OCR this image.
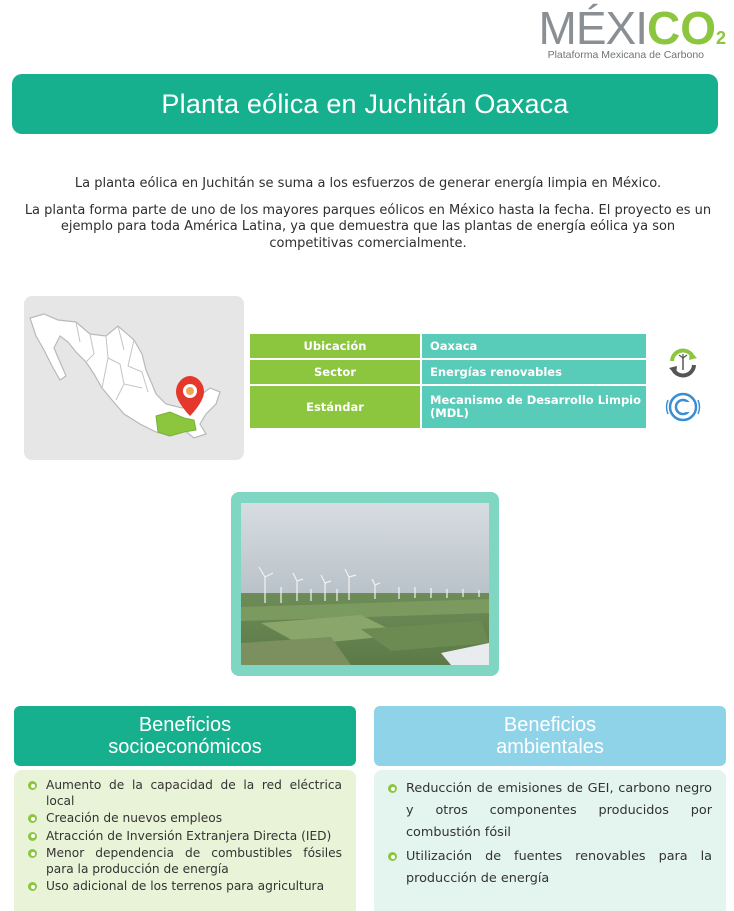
MÉXI CO 2
Plataforma Mexicana de Carbono
Planta eólica en Juchitán Oaxaca

La planta eólica en Juchitán se suma a los esfuerzos de generar energía limpia en México.

La planta forma parte de uno de los mayores parques eólicos en México hasta la fecha. El proyecto es un ejemplo para toda América Latina, ya que demuestra que las plantas de energía eólica ya son competitivas comercialmente.

Ubicación	Oaxaca
Sector	Energías renovables
Estándar	Mecanismo de Desarrollo Limpio (MDL)
Beneficios
socioeconómicos
Beneficios
ambientales
Aumento de la capacidad de la red eléctrica local
Creación de nuevos empleos
Atracción de Inversión Extranjera Directa (IED)
Menor dependencia de combustibles fósiles para la producción de energía
Uso adicional de los terrenos para agricultura
Reducción de emisiones de GEI, carbono negro y otros componentes producidos por combustión fósil
Utilización de fuentes renovables para la producción de energía
